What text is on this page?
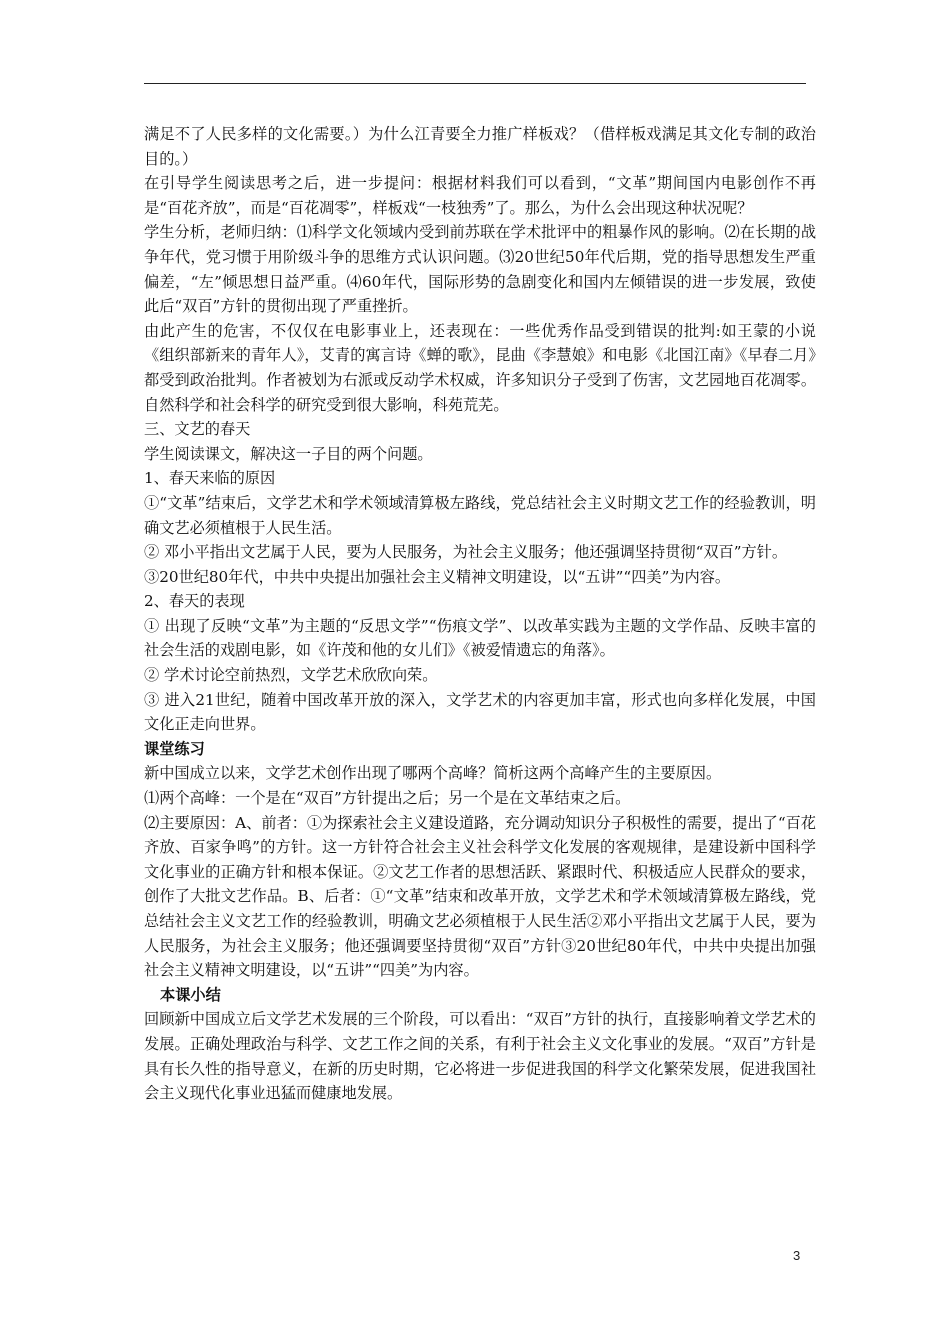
满足不了人民多样的文化需要。）为什么江青要全力推广样板戏？（借样板戏满足其文化专制的政治目的。）

在引导学生阅读思考之后，进一步提问：根据材料我们可以看到，“文革”期间国内电影创作不再是“百花齐放”，而是“百花凋零”，样板戏“一枝独秀”了。那么，为什么会出现这种状况呢？

学生分析，老师归纳：⑴科学文化领域内受到前苏联在学术批评中的粗暴作风的影响。⑵在长期的战争年代，党习惯于用阶级斗争的思维方式认识问题。⑶20世纪50年代后期，党的指导思想发生严重偏差，“左”倾思想日益严重。⑷60年代，国际形势的急剧变化和国内左倾错误的进一步发展，致使此后“双百”方针的贯彻出现了严重挫折。

由此产生的危害，不仅仅在电影事业上，还表现在：一些优秀作品受到错误的批判:如王蒙的小说《组织部新来的青年人》，艾青的寓言诗《蝉的歌》，昆曲《李慧娘》和电影《北国江南》《早春二月》都受到政治批判。作者被划为右派或反动学术权威，许多知识分子受到了伤害，文艺园地百花凋零。自然科学和社会科学的研究受到很大影响，科苑荒芜。

三、文艺的春天

学生阅读课文，解决这一子目的两个问题。

1、春天来临的原因

①“文革”结束后，文学艺术和学术领域清算极左路线，党总结社会主义时期文艺工作的经验教训，明确文艺必须植根于人民生活。

② 邓小平指出文艺属于人民，要为人民服务，为社会主义服务；他还强调坚持贯彻“双百”方针。

③20世纪80年代，中共中央提出加强社会主义精神文明建设，以“五讲”“四美”为内容。

2、春天的表现

① 出现了反映“文革”为主题的“反思文学”“伤痕文学”、以改革实践为主题的文学作品、反映丰富的社会生活的戏剧电影，如《许茂和他的女儿们》《被爱情遗忘的角落》。

② 学术讨论空前热烈，文学艺术欣欣向荣。

③ 进入21世纪，随着中国改革开放的深入，文学艺术的内容更加丰富，形式也向多样化发展，中国文化正走向世界。

课堂练习

新中国成立以来，文学艺术创作出现了哪两个高峰？简析这两个高峰产生的主要原因。

⑴两个高峰：一个是在“双百”方针提出之后；另一个是在文革结束之后。

⑵主要原因：A、前者：①为探索社会主义建设道路，充分调动知识分子积极性的需要，提出了“百花齐放、百家争鸣”的方针。这一方针符合社会主义社会科学文化发展的客观规律，是建设新中国科学文化事业的正确方针和根本保证。②文艺工作者的思想活跃、紧跟时代、积极适应人民群众的要求，创作了大批文艺作品。B、后者：①“文革”结束和改革开放，文学艺术和学术领域清算极左路线，党总结社会主义文艺工作的经验教训，明确文艺必须植根于人民生活②邓小平指出文艺属于人民，要为人民服务，为社会主义服务；他还强调要坚持贯彻“双百”方针③20世纪80年代，中共中央提出加强社会主义精神文明建设，以“五讲”“四美”为内容。

本课小结

回顾新中国成立后文学艺术发展的三个阶段，可以看出：“双百”方针的执行，直接影响着文学艺术的发展。正确处理政治与科学、文艺工作之间的关系，有利于社会主义文化事业的发展。“双百”方针是具有长久性的指导意义，在新的历史时期，它必将进一步促进我国的科学文化繁荣发展，促进我国社会主义现代化事业迅猛而健康地发展。

3
